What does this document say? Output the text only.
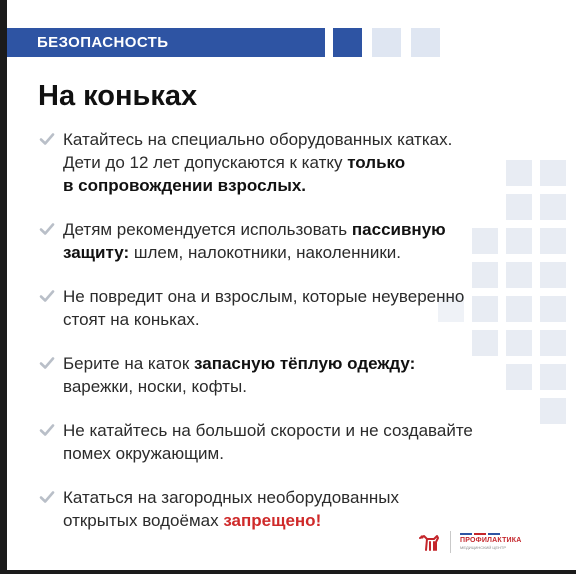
БЕЗОПАСНОСТЬ
На коньках
Катайтесь на специально оборудованных катках.
Дети до 12 лет допускаются к катку только
в сопровождении взрослых.
Детям рекомендуется использовать пассивную
защиту: шлем, налокотники, наколенники.
Не повредит она и взрослым, которые неуверенно
стоят на коньках.
Берите на каток запасную тёплую одежду:
варежки, носки, кофты.
Не катайтесь на большой скорости и не создавайте
помех окружающим.
Кататься на загородных необорудованных
открытых водоёмах запрещено!
ПРОФИЛАКТИКА
МЕДИЦИНСКИЙ ЦЕНТР
